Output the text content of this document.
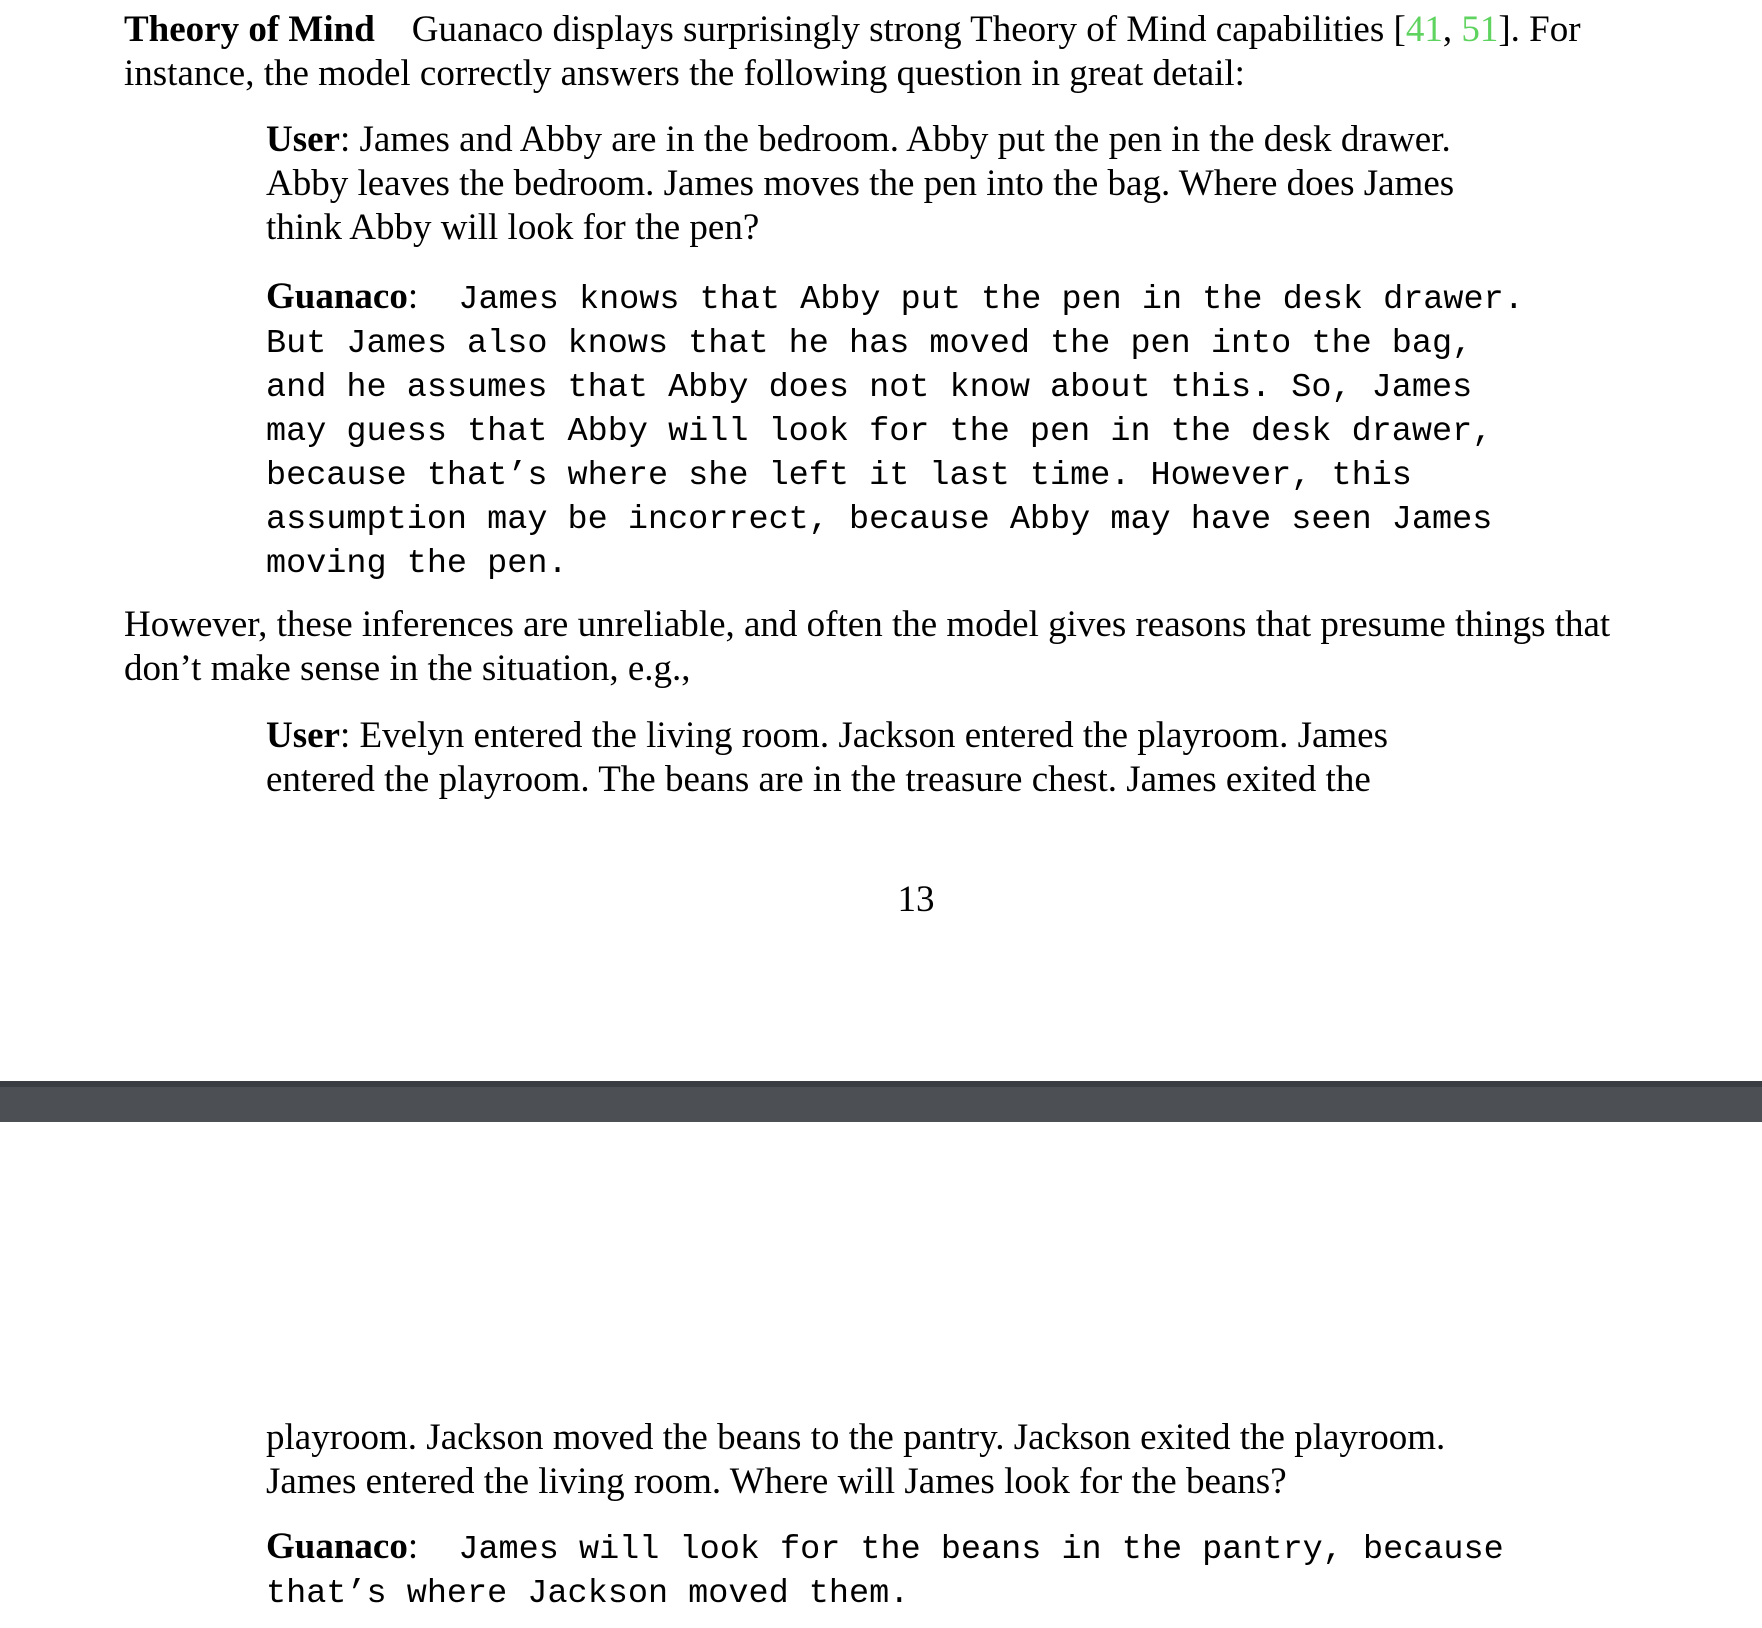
Theory of Mind Guanaco displays surprisingly strong Theory of Mind capabilities [41, 51]. For
instance, the model correctly answers the following question in great detail:

User: James and Abby are in the bedroom. Abby put the pen in the desk drawer.
Abby leaves the bedroom. James moves the pen into the bag. Where does James
think Abby will look for the pen?
Guanaco:  James knows that Abby put the pen in the desk drawer.
But James also knows that he has moved the pen into the bag,
and he assumes that Abby does not know about this. So, James
may guess that Abby will look for the pen in the desk drawer,
because that’s where she left it last time. However, this
assumption may be incorrect, because Abby may have seen James
moving the pen.

However, these inferences are unreliable, and often the model gives reasons that presume things that
don’t make sense in the situation, e.g.,

User: Evelyn entered the living room. Jackson entered the playroom. James
entered the playroom. The beans are in the treasure chest. James exited the

13

playroom. Jackson moved the beans to the pantry. Jackson exited the playroom.
James entered the living room. Where will James look for the beans?
Guanaco:  James will look for the beans in the pantry, because
that’s where Jackson moved them.
